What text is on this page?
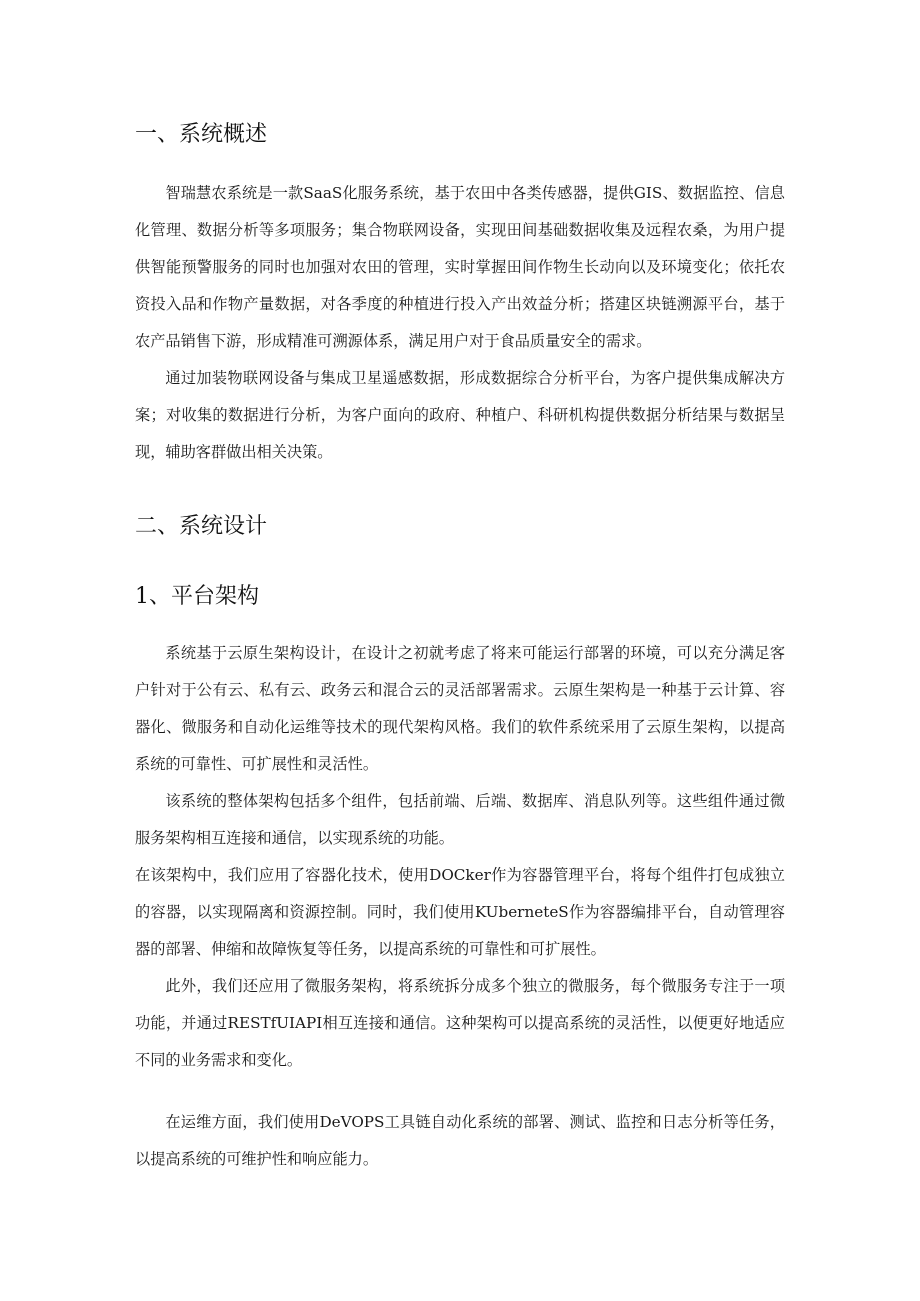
一、系统概述

智瑞慧农系统是一款SaaS化服务系统，基于农田中各类传感器，提供GIS、数据监控、信息化管理、数据分析等多项服务；集合物联网设备，实现田间基础数据收集及远程农桑，为用户提供智能预警服务的同时也加强对农田的管理，实时掌握田间作物生长动向以及环境变化；依托农资投入品和作物产量数据，对各季度的种植进行投入产出效益分析；搭建区块链溯源平台，基于农产品销售下游，形成精准可溯源体系，满足用户对于食品质量安全的需求。

通过加装物联网设备与集成卫星遥感数据，形成数据综合分析平台，为客户提供集成解决方案；对收集的数据进行分析，为客户面向的政府、种植户、科研机构提供数据分析结果与数据呈现，辅助客群做出相关决策。

二、系统设计
1、平台架构

系统基于云原生架构设计，在设计之初就考虑了将来可能运行部署的环境，可以充分满足客户针对于公有云、私有云、政务云和混合云的灵活部署需求。云原生架构是一种基于云计算、容器化、微服务和自动化运维等技术的现代架构风格。我们的软件系统采用了云原生架构，以提高系统的可靠性、可扩展性和灵活性。

该系统的整体架构包括多个组件，包括前端、后端、数据库、消息队列等。这些组件通过微服务架构相互连接和通信，以实现系统的功能。

在该架构中，我们应用了容器化技术，使用DOCker作为容器管理平台，将每个组件打包成独立的容器，以实现隔离和资源控制。同时，我们使用KUberneteS作为容器编排平台，自动管理容器的部署、伸缩和故障恢复等任务，以提高系统的可靠性和可扩展性。

此外，我们还应用了微服务架构，将系统拆分成多个独立的微服务，每个微服务专注于一项功能，并通过RESTfUIAPI相互连接和通信。这种架构可以提高系统的灵活性，以便更好地适应不同的业务需求和变化。

在运维方面，我们使用DeVOPS工具链自动化系统的部署、测试、监控和日志分析等任务，以提高系统的可维护性和响应能力。
